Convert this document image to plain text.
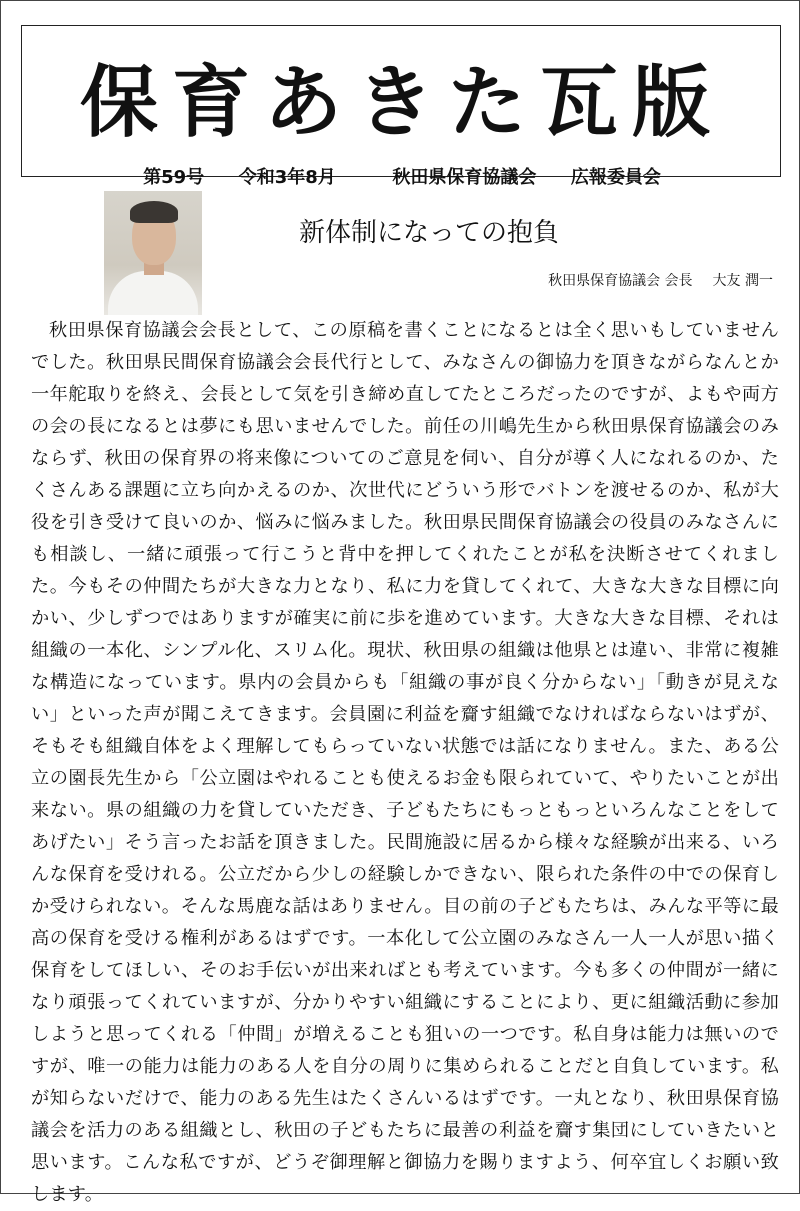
保育あきた瓦版
第59号 令和3年8月	秋田県保育協議会 広報委員会
新体制になっての抱負
秋田県保育協議会 会長 大友 潤一

秋田県保育協議会会長として、この原稿を書くことになるとは全く思いもしていませんでした。秋田県民間保育協議会会長代行として、みなさんの御協力を頂きながらなんとか一年舵取りを終え、会長として気を引き締め直してたところだったのですが、よもや両方の会の長になるとは夢にも思いませんでした。前任の川嶋先生から秋田県保育協議会のみならず、秋田の保育界の将来像についてのご意見を伺い、自分が導く人になれるのか、たくさんある課題に立ち向かえるのか、次世代にどういう形でバトンを渡せるのか、私が大役を引き受けて良いのか、悩みに悩みました。秋田県民間保育協議会の役員のみなさんにも相談し、一緒に頑張って行こうと背中を押してくれたことが私を決断させてくれました。今もその仲間たちが大きな力となり、私に力を貸してくれて、大きな大きな目標に向かい、少しずつではありますが確実に前に歩を進めています。大きな大きな目標、それは組織の一本化、シンプル化、スリム化。現状、秋田県の組織は他県とは違い、非常に複雑な構造になっています。県内の会員からも「組織の事が良く分からない」「動きが見えない」といった声が聞こえてきます。会員園に利益を齎す組織でなければならないはずが、そもそも組織自体をよく理解してもらっていない状態では話になりません。また、ある公立の園長先生から「公立園はやれることも使えるお金も限られていて、やりたいことが出来ない。県の組織の力を貸していただき、子どもたちにもっともっといろんなことをしてあげたい」そう言ったお話を頂きました。民間施設に居るから様々な経験が出来る、いろんな保育を受けれる。公立だから少しの経験しかできない、限られた条件の中での保育しか受けられない。そんな馬鹿な話はありません。目の前の子どもたちは、みんな平等に最高の保育を受ける権利があるはずです。一本化して公立園のみなさん一人一人が思い描く保育をしてほしい、そのお手伝いが出来ればとも考えています。今も多くの仲間が一緒になり頑張ってくれていますが、分かりやすい組織にすることにより、更に組織活動に参加しようと思ってくれる「仲間」が増えることも狙いの一つです。私自身は能力は無いのですが、唯一の能力は能力のある人を自分の周りに集められることだと自負しています。私が知らないだけで、能力のある先生はたくさんいるはずです。一丸となり、秋田県保育協議会を活力のある組織とし、秋田の子どもたちに最善の利益を齎す集団にしていきたいと思います。こんな私ですが、どうぞ御理解と御協力を賜りますよう、何卒宜しくお願い致します。
